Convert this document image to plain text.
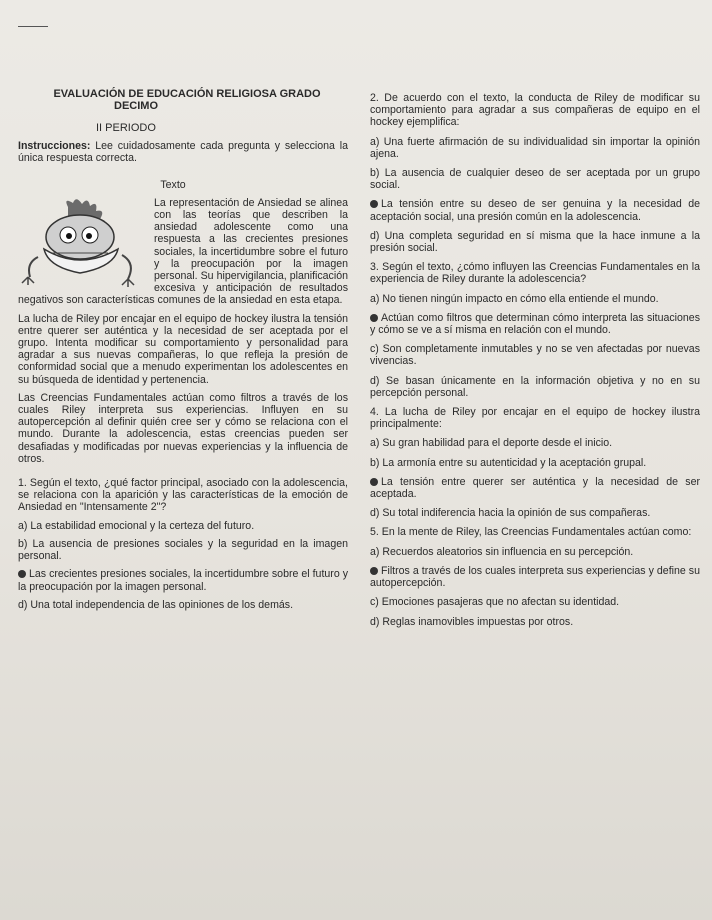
EVALUACIÓN DE EDUCACIÓN RELIGIOSA GRADO
DECIMO
II PERIODO
Instrucciones: Lee cuidadosamente cada pregunta y selecciona la única respuesta correcta.
Texto

La representación de Ansiedad se alinea con las teorías que describen la ansiedad adolescente como una respuesta a las crecientes presiones sociales, la incertidumbre sobre el futuro y la preocupación por la imagen personal. Su hipervigilancia, planificación excesiva y anticipación de resultados negativos son características comunes de la ansiedad en esta etapa.

La lucha de Riley por encajar en el equipo de hockey ilustra la tensión entre querer ser auténtica y la necesidad de ser aceptada por el grupo. Intenta modificar su comportamiento y personalidad para agradar a sus nuevas compañeras, lo que refleja la presión de conformidad social que a menudo experimentan los adolescentes en su búsqueda de identidad y pertenencia.

Las Creencias Fundamentales actúan como filtros a través de los cuales Riley interpreta sus experiencias. Influyen en su autopercepción al definir quién cree ser y cómo se relaciona con el mundo. Durante la adolescencia, estas creencias pueden ser desafiadas y modificadas por nuevas experiencias y la influencia de otros.

1. Según el texto, ¿qué factor principal, asociado con la adolescencia, se relaciona con la aparición y las características de la emoción de Ansiedad en "Intensamente 2"?
a) La estabilidad emocional y la certeza del futuro.
b) La ausencia de presiones sociales y la seguridad en la imagen personal.
Las crecientes presiones sociales, la incertidumbre sobre el futuro y la preocupación por la imagen personal.
d) Una total independencia de las opiniones de los demás.
2. De acuerdo con el texto, la conducta de Riley de modificar su comportamiento para agradar a sus compañeras de equipo en el hockey ejemplifica:
a) Una fuerte afirmación de su individualidad sin importar la opinión ajena.
b) La ausencia de cualquier deseo de ser aceptada por un grupo social.
La tensión entre su deseo de ser genuina y la necesidad de aceptación social, una presión común en la adolescencia.
d) Una completa seguridad en sí misma que la hace inmune a la presión social.
3. Según el texto, ¿cómo influyen las Creencias Fundamentales en la experiencia de Riley durante la adolescencia?
a) No tienen ningún impacto en cómo ella entiende el mundo.
Actúan como filtros que determinan cómo interpreta las situaciones y cómo se ve a sí misma en relación con el mundo.
c) Son completamente inmutables y no se ven afectadas por nuevas vivencias.
d) Se basan únicamente en la información objetiva y no en su percepción personal.
4. La lucha de Riley por encajar en el equipo de hockey ilustra principalmente:
a) Su gran habilidad para el deporte desde el inicio.
b) La armonía entre su autenticidad y la aceptación grupal.
La tensión entre querer ser auténtica y la necesidad de ser aceptada.
d) Su total indiferencia hacia la opinión de sus compañeras.
5. En la mente de Riley, las Creencias Fundamentales actúan como:
a) Recuerdos aleatorios sin influencia en su percepción.
Filtros a través de los cuales interpreta sus experiencias y define su autopercepción.
c) Emociones pasajeras que no afectan su identidad.
d) Reglas inamovibles impuestas por otros.
